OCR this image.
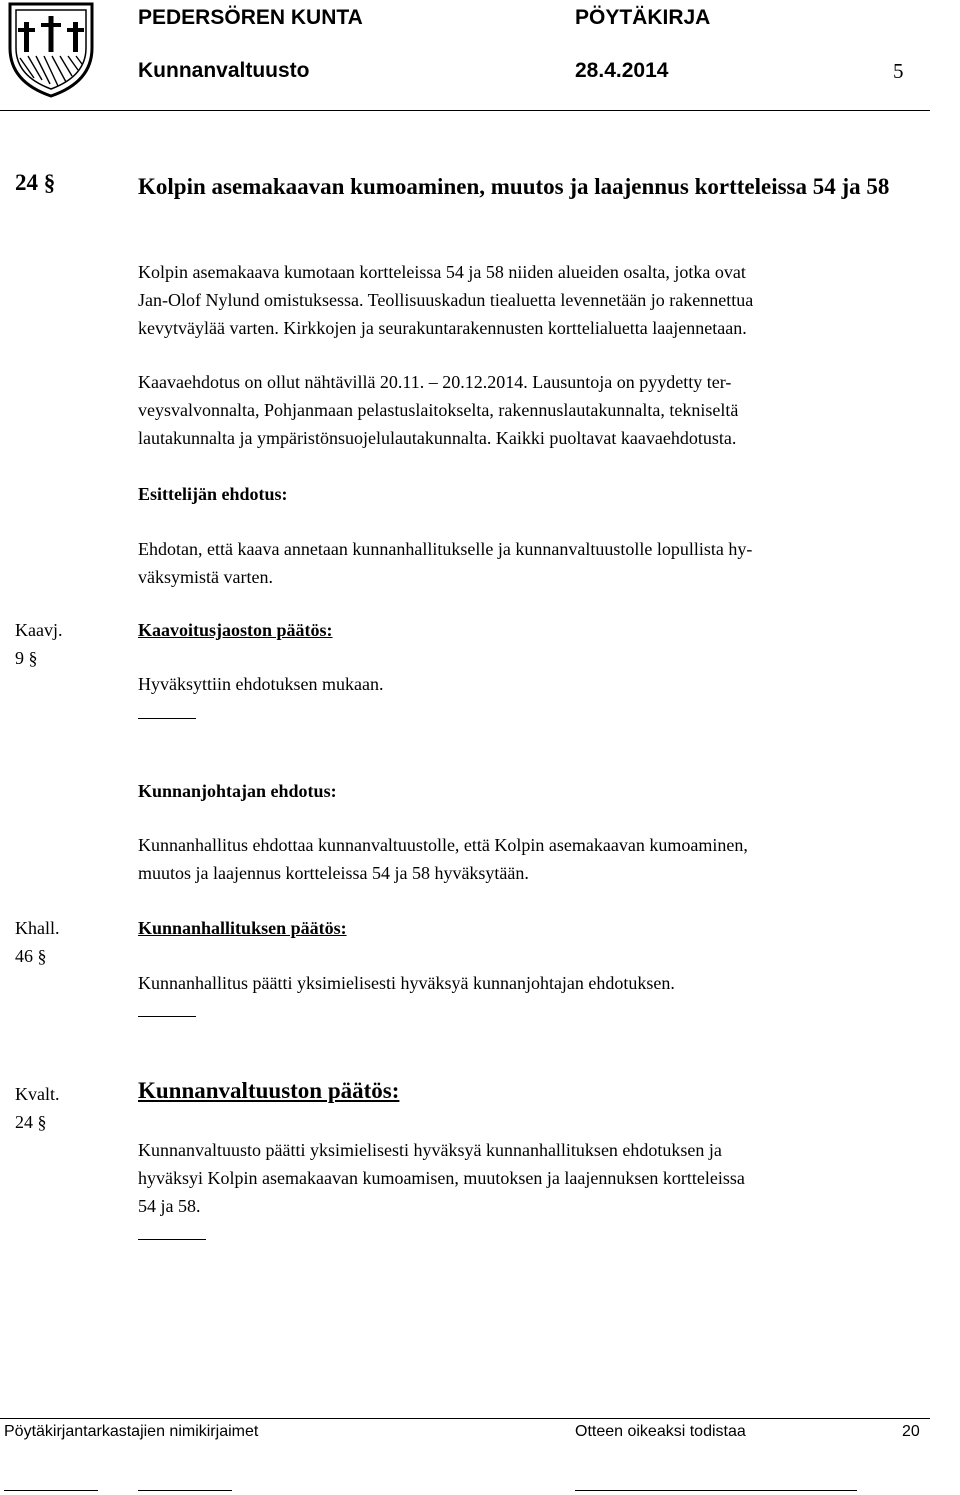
PEDERSÖREN KUNTA	PÖYTÄKIRJA
Kunnanvaltuusto	28.4.2014	5
24 §	Kolpin asemakaavan kumoaminen, muutos ja laajennus kortteleissa 54 ja 58
Kolpin asemakaava kumotaan kortteleissa 54 ja 58 niiden alueiden osalta, jotka ovat
Jan-Olof Nylund omistuksessa. Teollisuuskadun tiealuetta levennetään jo rakennettua
kevytväylää varten. Kirkkojen ja seurakuntarakennusten korttelialuetta laajennetaan.
Kaavaehdotus on ollut nähtävillä 20.11. – 20.12.2014. Lausuntoja on pyydetty ter-
veysvalvonnalta, Pohjanmaan pelastuslaitokselta, rakennuslautakunnalta, tekniseltä
lautakunnalta ja ympäristönsuojelulautakunnalta. Kaikki puoltavat kaavaehdotusta.
Esittelijän ehdotus:
Ehdotan, että kaava annetaan kunnanhallitukselle ja kunnanvaltuustolle lopullista hy-
väksymistä varten.
Kaavj.
9 §
Kaavoitusjaoston päätös:
Hyväksyttiin ehdotuksen mukaan.
Kunnanjohtajan ehdotus:
Kunnanhallitus ehdottaa kunnanvaltuustolle, että Kolpin asemakaavan kumoaminen,
muutos ja laajennus kortteleissa 54 ja 58 hyväksytään.
Khall.
46 §
Kunnanhallituksen päätös:
Kunnanhallitus päätti yksimielisesti hyväksyä kunnanjohtajan ehdotuksen.
Kvalt.
24 §
Kunnanvaltuuston päätös:
Kunnanvaltuusto päätti yksimielisesti hyväksyä kunnanhallituksen ehdotuksen ja
hyväksyi Kolpin asemakaavan kumoamisen, muutoksen ja laajennuksen kortteleissa
54 ja 58.
Pöytäkirjantarkastajien nimikirjaimet	Otteen oikeaksi todistaa	20
